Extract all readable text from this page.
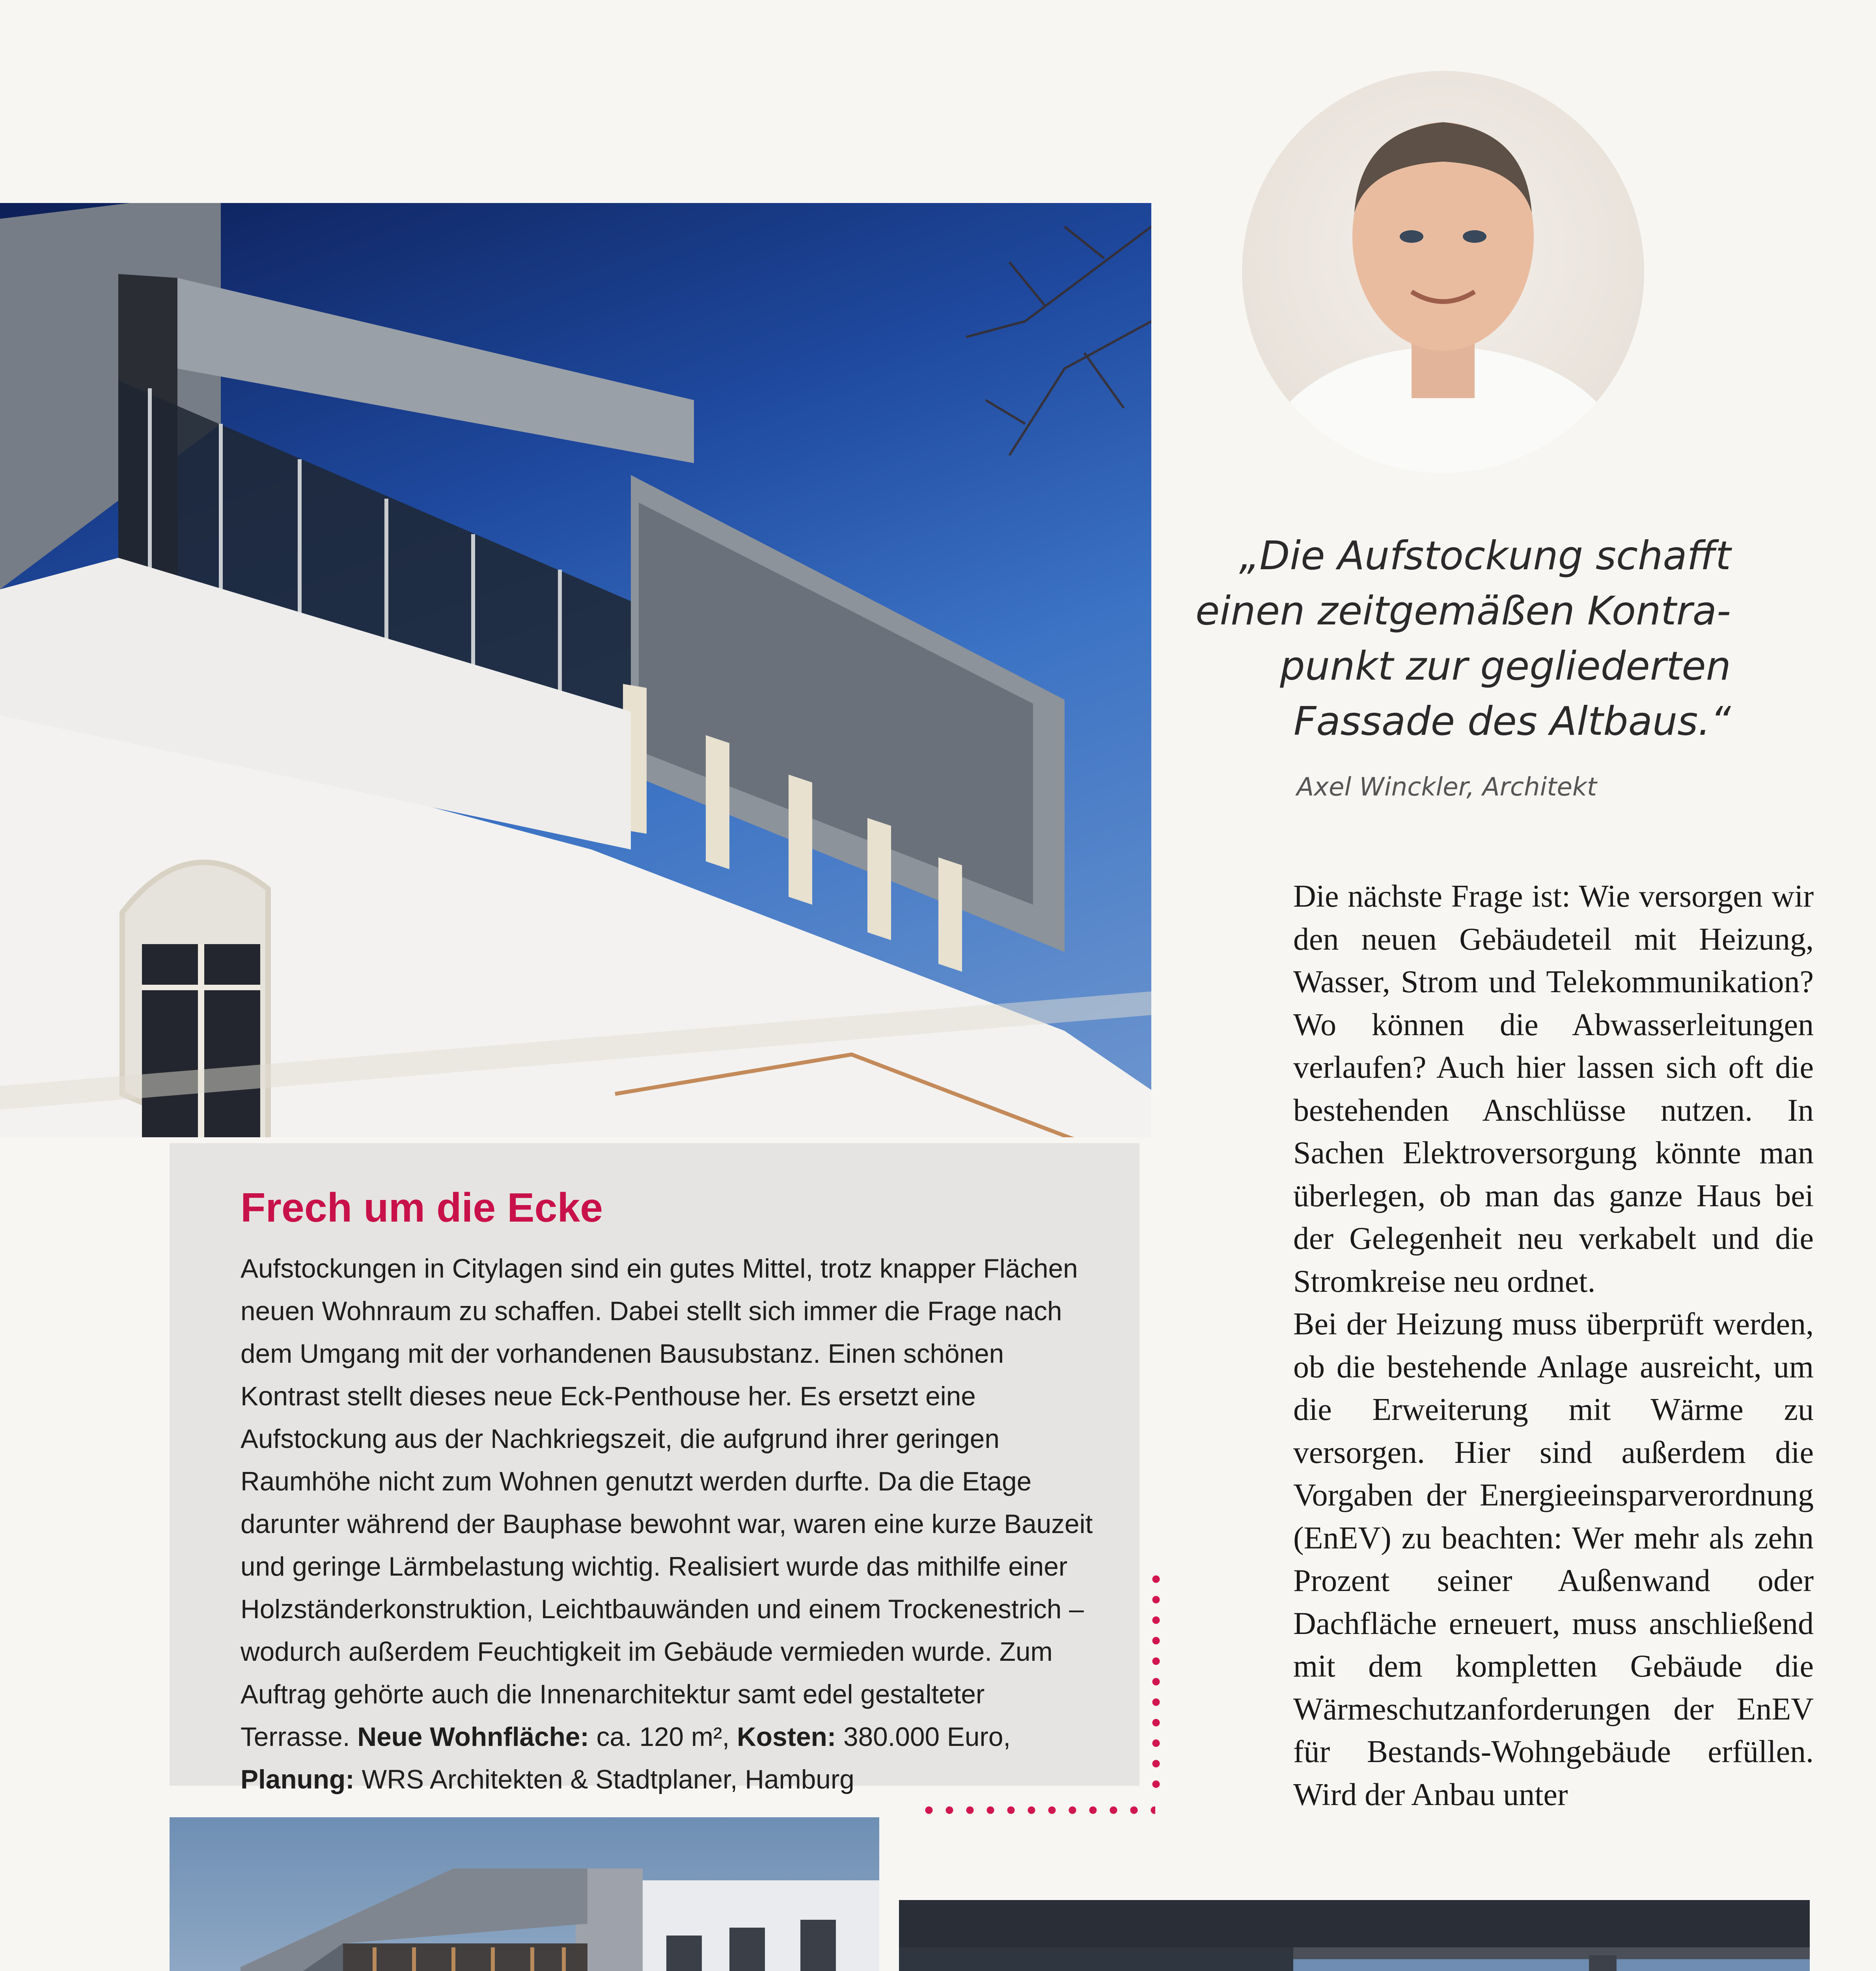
„Die Aufstockung schafft
einen zeitgemäßen Kontra-
punkt zur gegliederten
Fassade des Altbaus.“
Axel Winckler, Architekt
Frech um die Ecke
Aufstockungen in Citylagen sind ein gutes Mittel, trotz knapper Flächen neuen Wohnraum zu schaffen. Dabei stellt sich immer die Frage nach dem Umgang mit der vorhandenen Bausubstanz. Einen schönen Kontrast stellt dieses neue Eck-Penthouse her. Es ersetzt eine Aufstockung aus der Nachkriegszeit, die aufgrund ihrer geringen Raumhöhe nicht zum Wohnen genutzt werden durfte. Da die Etage darunter während der Bauphase bewohnt war, waren eine kurze Bauzeit und geringe Lärmbelastung wichtig. Realisiert wurde das mithilfe einer Holzständerkonstruktion, Leichtbauwänden und einem Trockenestrich – wodurch außerdem Feuchtigkeit im Gebäude vermieden wurde. Zum Auftrag gehörte auch die Innenarchitektur samt edel gestalteter Terrasse. Neue Wohnfläche: ca. 120 m², Kosten: 380.000 Euro, Planung: WRS Architekten & Stadtplaner, Hamburg

Die nächste Frage ist: Wie versorgen wir den neuen Gebäudeteil mit Heizung, Wasser, Strom und Telekommunikation? Wo können die Abwasserleitungen verlaufen? Auch hier lassen sich oft die bestehenden Anschlüsse nutzen. In Sachen Elektroversorgung könnte man überlegen, ob man das ganze Haus bei der Gelegenheit neu verkabelt und die Stromkreise neu ordnet.

Bei der Heizung muss überprüft werden, ob die bestehende Anlage ausreicht, um die Erweiterung mit Wärme zu versorgen. Hier sind außerdem die Vorgaben der Energieeinsparverordnung (EnEV) zu beachten: Wer mehr als zehn Prozent seiner Außenwand oder Dachfläche erneuert, muss anschließend mit dem kompletten Gebäude die Wärmeschutzanforderungen der EnEV für Bestands-Wohngebäude erfüllen. Wird der Anbau unter
